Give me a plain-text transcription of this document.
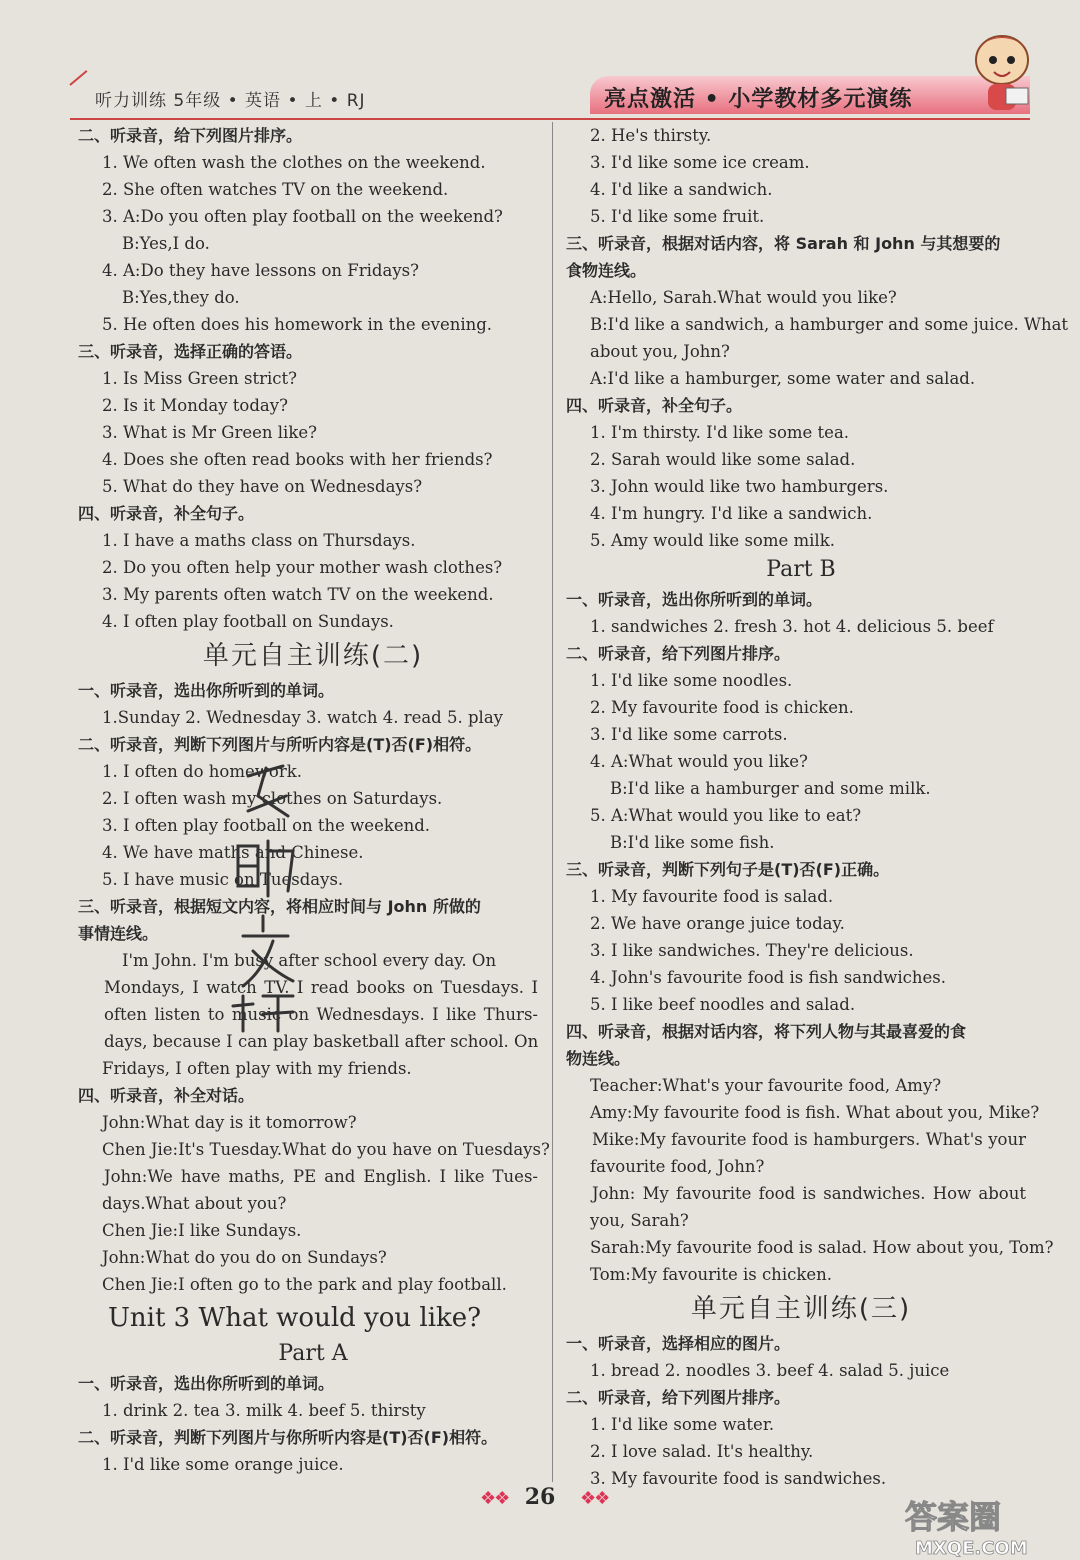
听力训练 5年级 • 英语 • 上 • RJ	亮点激活 • 小学教材多元演练
二、听录音，给下列图片排序。
1. We often wash the clothes on the weekend.
2. She often watches TV on the weekend.
3. A:Do you often play football on the weekend?
B:Yes,I do.
4. A:Do they have lessons on Fridays?
B:Yes,they do.
5. He often does his homework in the evening.
三、听录音，选择正确的答语。
1. Is Miss Green strict?
2. Is it Monday today?
3. What is Mr Green like?
4. Does she often read books with her friends?
5. What do they have on Wednesdays?
四、听录音，补全句子。
1. I have a maths class on Thursdays.
2. Do you often help your mother wash clothes?
3. My parents often watch TV on the weekend.
4. I often play football on Sundays.
单元自主训练(二)
一、听录音，选出你所听到的单词。
1.Sunday 2. Wednesday 3. watch 4. read 5. play
二、听录音，判断下列图片与所听内容是(T)否(F)相符。
1. I often do homework.
2. I often wash my clothes on Saturdays.
3. I often play football on the weekend.
4. We have maths and Chinese.
5. I have music on Tuesdays.
三、听录音，根据短文内容，将相应时间与 John 所做的
事情连线。
I'm John. I'm busy after school every day. On
Mondays, I watch TV. I read books on Tuesdays. I
often listen to music on Wednesdays. I like Thurs-
days, because I can play basketball after school. On
Fridays, I often play with my friends.
四、听录音，补全对话。
John:What day is it tomorrow?
Chen Jie:It's Tuesday.What do you have on Tuesdays?
John:We have maths, PE and English. I like Tues-
days.What about you?
Chen Jie:I like Sundays.
John:What do you do on Sundays?
Chen Jie:I often go to the park and play football.
Unit 3 What would you like?
Part A
一、听录音，选出你所听到的单词。
1. drink 2. tea 3. milk 4. beef 5. thirsty
二、听录音，判断下列图片与你所听内容是(T)否(F)相符。
1. I'd like some orange juice.
2. He's thirsty.
3. I'd like some ice cream.
4. I'd like a sandwich.
5. I'd like some fruit.
三、听录音，根据对话内容，将 Sarah 和 John 与其想要的
食物连线。
A:Hello, Sarah.What would you like?
B:I'd like a sandwich, a hamburger and some juice. What
about you, John?
A:I'd like a hamburger, some water and salad.
四、听录音，补全句子。
1. I'm thirsty. I'd like some tea.
2. Sarah would like some salad.
3. John would like two hamburgers.
4. I'm hungry. I'd like a sandwich.
5. Amy would like some milk.
Part B
一、听录音，选出你所听到的单词。
1. sandwiches 2. fresh 3. hot 4. delicious 5. beef
二、听录音，给下列图片排序。
1. I'd like some noodles.
2. My favourite food is chicken.
3. I'd like some carrots.
4. A:What would you like?
B:I'd like a hamburger and some milk.
5. A:What would you like to eat?
B:I'd like some fish.
三、听录音，判断下列句子是(T)否(F)正确。
1. My favourite food is salad.
2. We have orange juice today.
3. I like sandwiches. They're delicious.
4. John's favourite food is fish sandwiches.
5. I like beef noodles and salad.
四、听录音，根据对话内容，将下列人物与其最喜爱的食
物连线。
Teacher:What's your favourite food, Amy?
Amy:My favourite food is fish. What about you, Mike?
Mike:My favourite food is hamburgers. What's your
favourite food, John?
John: My favourite food is sandwiches. How about
you, Sarah?
Sarah:My favourite food is salad. How about you, Tom?
Tom:My favourite is chicken.
单元自主训练(三)
一、听录音，选择相应的图片。
1. bread 2. noodles 3. beef 4. salad 5. juice
二、听录音，给下列图片排序。
1. I'd like some water.
2. I love salad. It's healthy.
3. My favourite food is sandwiches.
❖❖ 26	❖❖	答案圈
MXQE.COM
